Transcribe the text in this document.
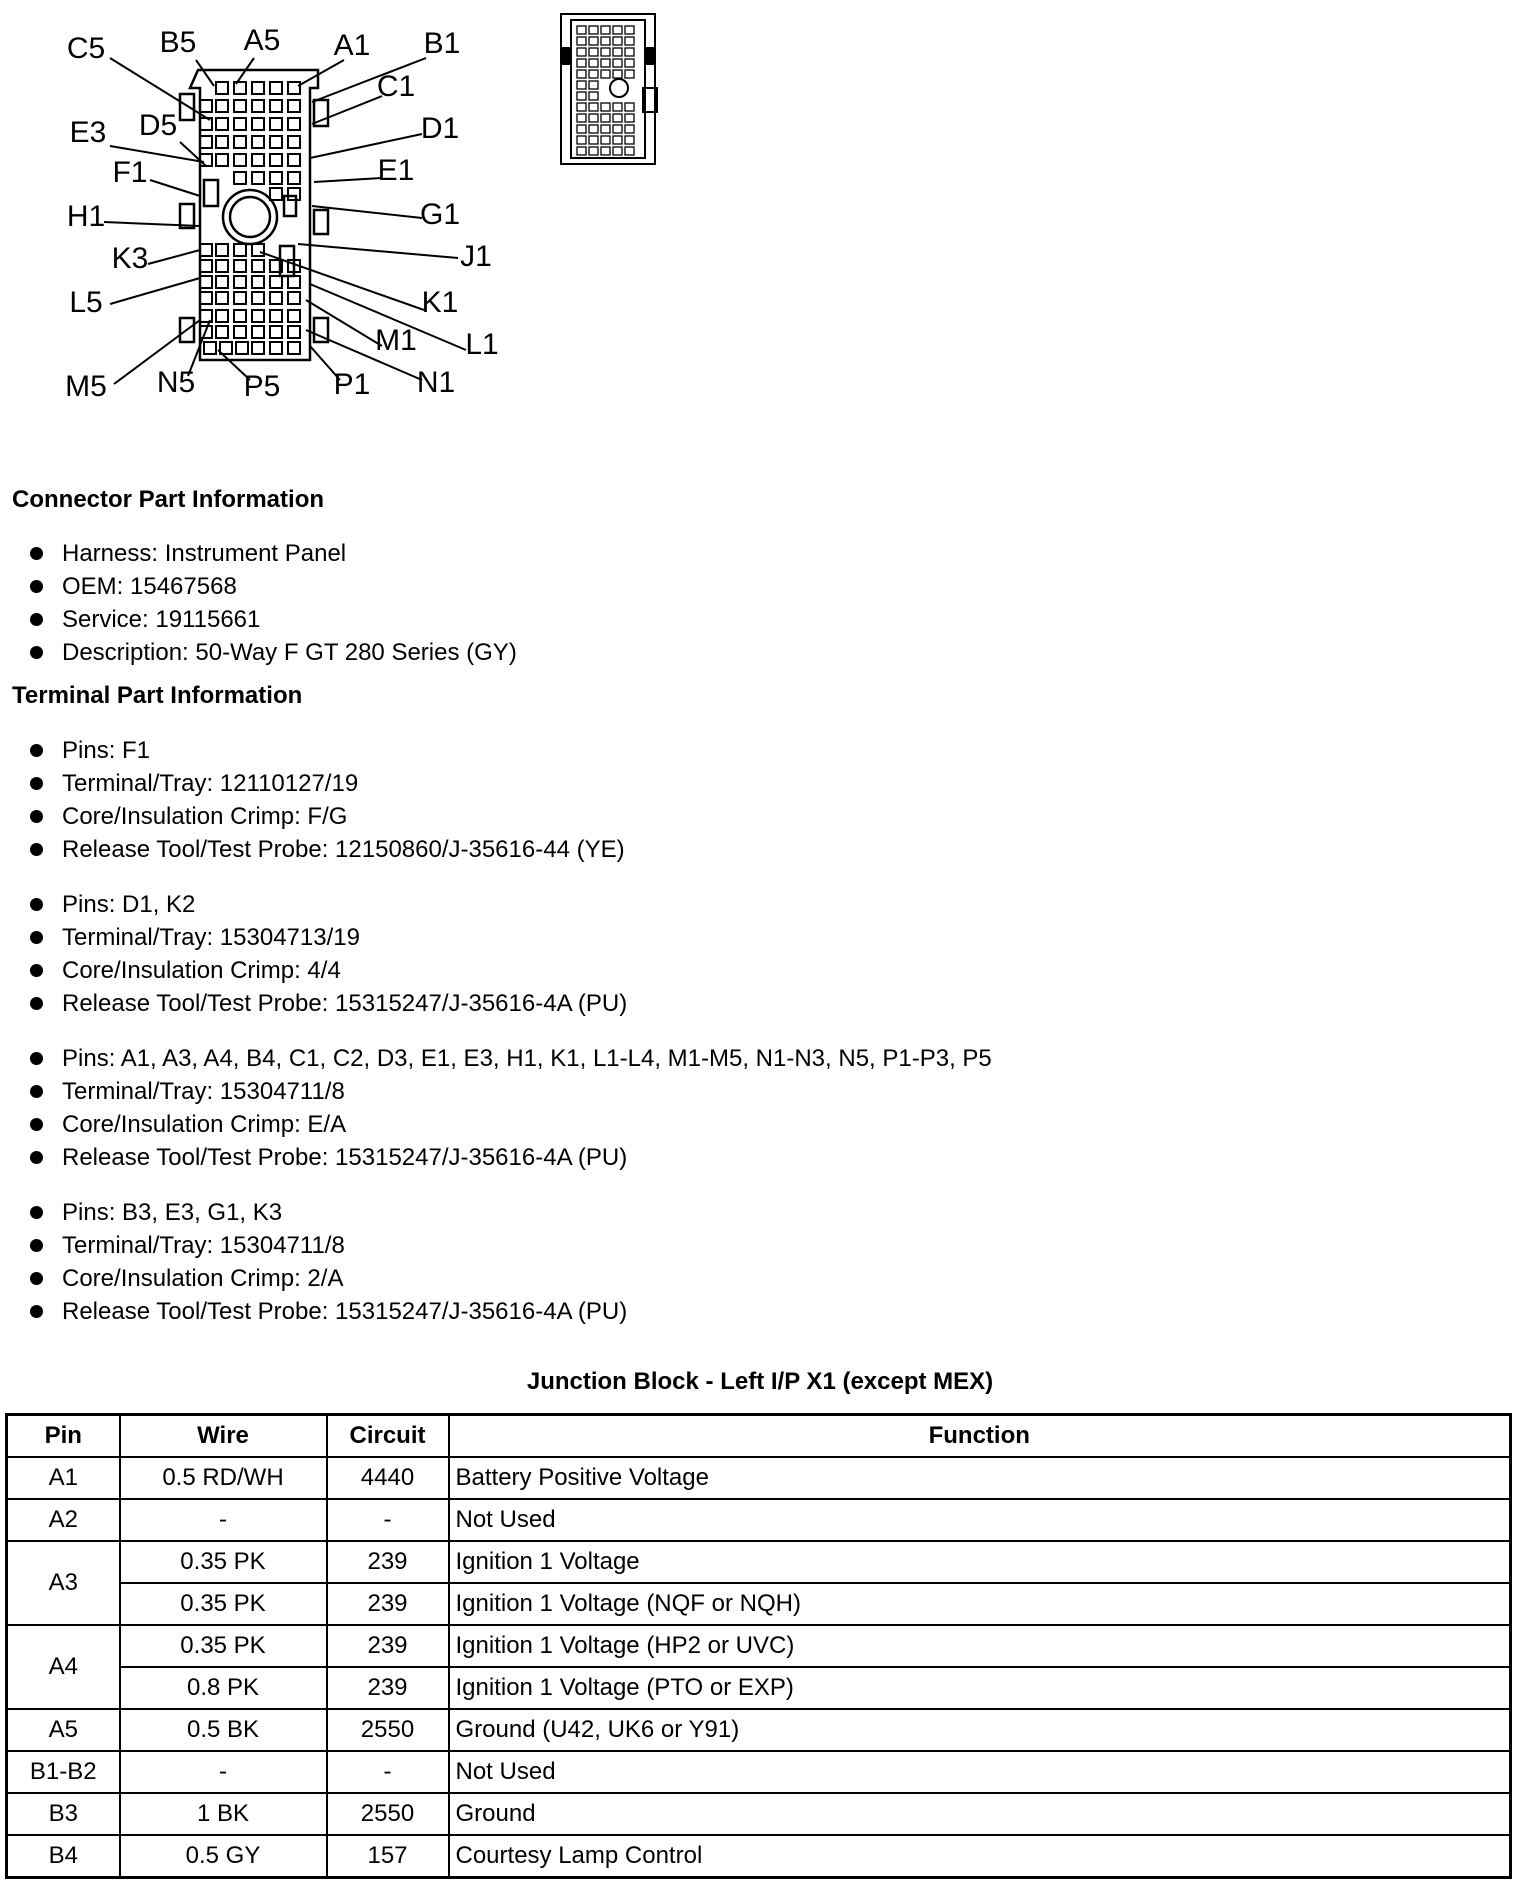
C5 B5 A5 A1 B1
C1
E3 D5	D1
F1	E1
H1	G1
K3	J1
L5	K1
M1 L1
M5 N5 P5 P1 N1
Connector Part Information
Harness: Instrument Panel
OEM: 15467568
Service: 19115661
Description: 50-Way F GT 280 Series (GY)
Terminal Part Information
Pins: F1
Terminal/Tray: 12110127/19
Core/Insulation Crimp: F/G
Release Tool/Test Probe: 12150860/J-35616-44 (YE)
Pins: D1, K2
Terminal/Tray: 15304713/19
Core/Insulation Crimp: 4/4
Release Tool/Test Probe: 15315247/J-35616-4A (PU)
Pins: A1, A3, A4, B4, C1, C2, D3, E1, E3, H1, K1, L1-L4, M1-M5, N1-N3, N5, P1-P3, P5
Terminal/Tray: 15304711/8
Core/Insulation Crimp: E/A
Release Tool/Test Probe: 15315247/J-35616-4A (PU)
Pins: B3, E3, G1, K3
Terminal/Tray: 15304711/8
Core/Insulation Crimp: 2/A
Release Tool/Test Probe: 15315247/J-35616-4A (PU)
Junction Block - Left I/P X1 (except MEX)
Pin	Wire	Circuit	Function
A1	0.5 RD/WH	4440	Battery Positive Voltage
A2	-	-	Not Used
A3	0.35 PK	239	Ignition 1 Voltage
	0.35 PK	239	Ignition 1 Voltage (NQF or NQH)
A4	0.35 PK	239	Ignition 1 Voltage (HP2 or UVC)
	0.8 PK	239	Ignition 1 Voltage (PTO or EXP)
A5	0.5 BK	2550	Ground (U42, UK6 or Y91)
B1-B2	-	-	Not Used
B3	1 BK	2550	Ground
B4	0.5 GY	157	Courtesy Lamp Control
